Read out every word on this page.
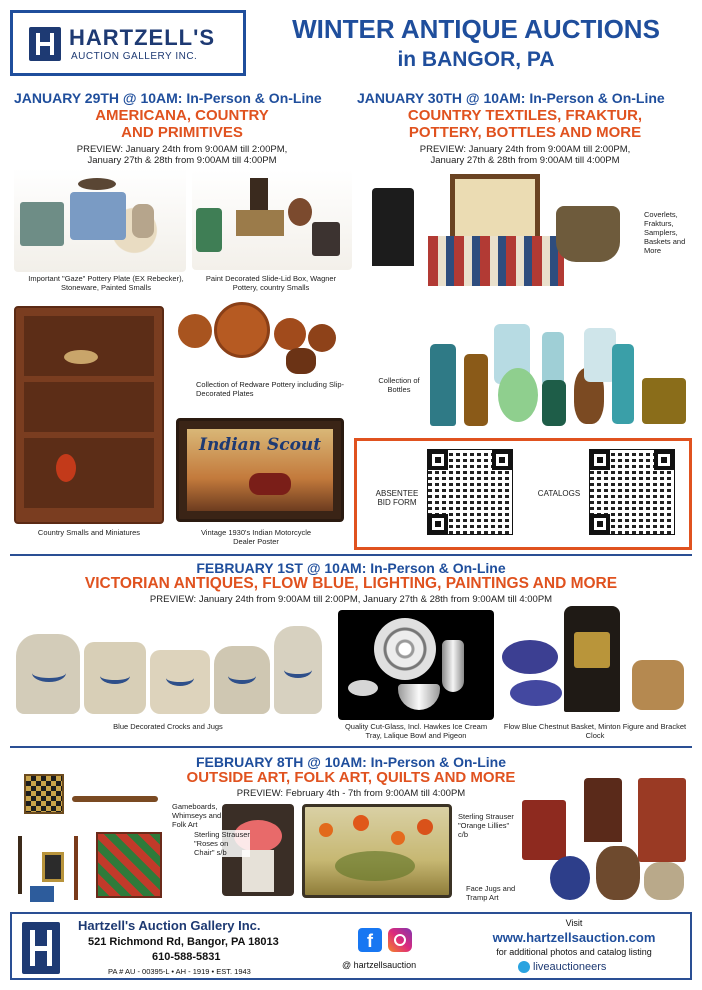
HARTZELL'S
AUCTION GALLERY INC.
WINTER ANTIQUE AUCTIONS
in BANGOR, PA
JANUARY 29TH @ 10AM: In-Person & On-Line
AMERICANA, COUNTRY
AND PRIMITIVES
PREVIEW: January 24th from 9:00AM till 2:00PM,
January 27th & 28th from 9:00AM till 4:00PM
Important "Gaze" Pottery Plate (EX Rebecker), Stoneware, Painted Smalls
Paint Decorated Slide-Lid Box, Wagner Pottery, country Smalls
Country Smalls and Miniatures
Collection of Redware Pottery including Slip-Decorated Plates
Indian Scout
Vintage 1930's Indian Motorcycle Dealer Poster
JANUARY 30TH @ 10AM: In-Person & On-Line
COUNTRY TEXTILES, FRAKTUR,
POTTERY, BOTTLES AND MORE
PREVIEW: January 24th from 9:00AM till 2:00PM,
January 27th & 28th from 9:00AM till 4:00PM
Coverlets, Frakturs, Samplers, Baskets and More
Collection of Bottles
ABSENTEE BID FORM
CATALOGS
FEBRUARY 1ST @ 10AM: In-Person & On-Line
VICTORIAN ANTIQUES, FLOW BLUE, LIGHTING, PAINTINGS AND MORE
PREVIEW: January 24th from 9:00AM till 2:00PM, January 27th & 28th from 9:00AM till 4:00PM
Blue Decorated Crocks and Jugs	Quality Cut-Glass, Incl. Hawkes Ice Cream Tray, Lalique Bowl and Pigeon
Flow Blue Chestnut Basket, Minton Figure and Bracket Clock
FEBRUARY 8TH @ 10AM: In-Person & On-Line
OUTSIDE ART, FOLK ART, QUILTS AND MORE
PREVIEW: February 4th - 7th from 9:00AM till 4:00PM
Gameboards, Whimseys and Folk Art
Sterling Strauser "Roses on Chair" s/b
Sterling Strauser "Orange Lillies" c/b
Face Jugs and Tramp Art
Hartzell's Auction Gallery Inc.
521 Richmond Rd, Bangor, PA 18013
610-588-5831
PA # AU - 00395-L • AH - 1919 • EST. 1943
f
@ hartzellsauction
Visit
www.hartzellsauction.com
for additional photos and catalog listing
liveauctioneers
